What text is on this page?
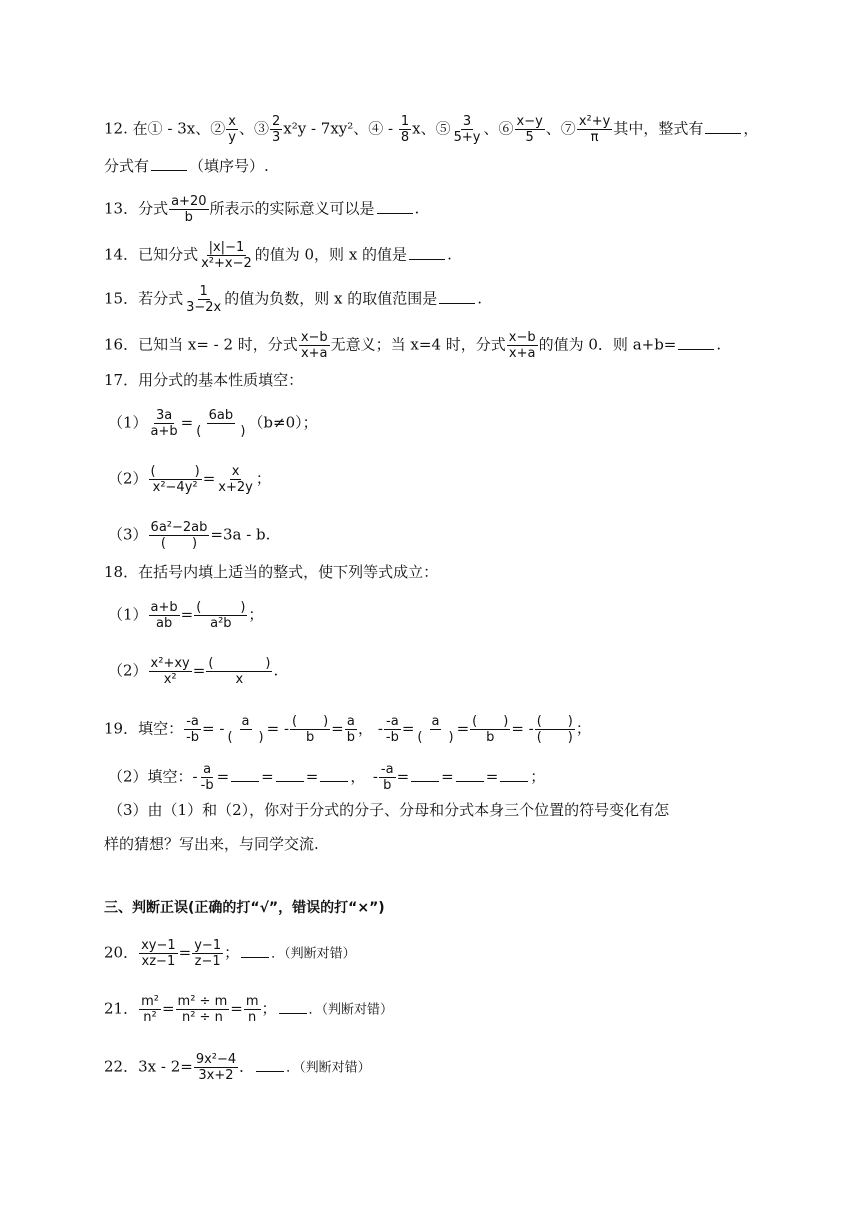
12. 在① - 3x、② $\frac{x}{y}$ 、③ $\frac{2}{3} x^2y - 7xy^2$、④ - $\frac{1}{8}$ x、⑤ $\frac{3}{5+y}$ 、⑥ $\frac{x-y}{5}$ 、⑦ $\frac{\text{x²+y}}{\pi}$ 其中，整式有	，
分式有	（填序号）.
13．分式 $\frac{a+20}{b}$ 所表示的实际意义可以是	.
14．已知分式 $\frac{|x|-1}{\text{x²+x−2}}$ 的值为 0，则 x 的值是	.
15．若分式 $\frac{1}{3-2x}$ 的值为负数，则 x 的取值范围是	.
16．已知当 x= - 2 时，分式 $\frac{x-b}{x+a}$ 无意义；当 x=4 时，分式 $\frac{x-b}{x+a}$ 的值为 0．则 a+b=	.
17．用分式的基本性质填空：
$(1) \frac{3a}{a+b} = \frac{6ab}{( )} (b\ne 0)$；
$(2) \frac{( )}{\text{x²−4y²}} = \frac{x}{x+2y}$ ；
$(3) \frac{\text{6a²−2ab}}{( )} =3a - b$.
18．在括号内填上适当的整式，使下列等式成立：
$(1) \frac{a+b}{ab} = \frac{( )}{\text{a²b}}$ ；
$(2) \frac{\text{x²+xy}}{\text{x²}} = \frac{( )}{x}$ .
19．填空： $\frac{-a}{-b}$ = - $\frac{a}{( )}$ = - $\frac{( )}{b} = \frac{a}{b}$ ， - $\frac{-a}{-b} = \frac{a}{( )} = \frac{( )}{b}$ = - $\frac{( )}{( )}$ ；
（2）填空：- $\frac{a}{-b}$ = = = ，　- $\frac{-a}{b}$ = = = ；
（3）由（1）和（2），你对于分式的分子、分母和分式本身三个位置的符号变化有怎
样的猜想？写出来，与同学交流.
三、判断正误(正确的打“√”，错误的打“×”)
20． $\frac{xy-1}{xz-1} = \frac{y-1}{z-1}$ ； ．（判断对错）
21． $\frac{\text{m²}}{\text{n²}} = \frac{\text{m² ÷ m}}{\text{n² ÷ n}} = \frac{m}{n}$ ； ．（判断对错）
22．$3x - 2= \frac{\text{9x²−4}}{3x+2}$ ． ．（判断对错）
